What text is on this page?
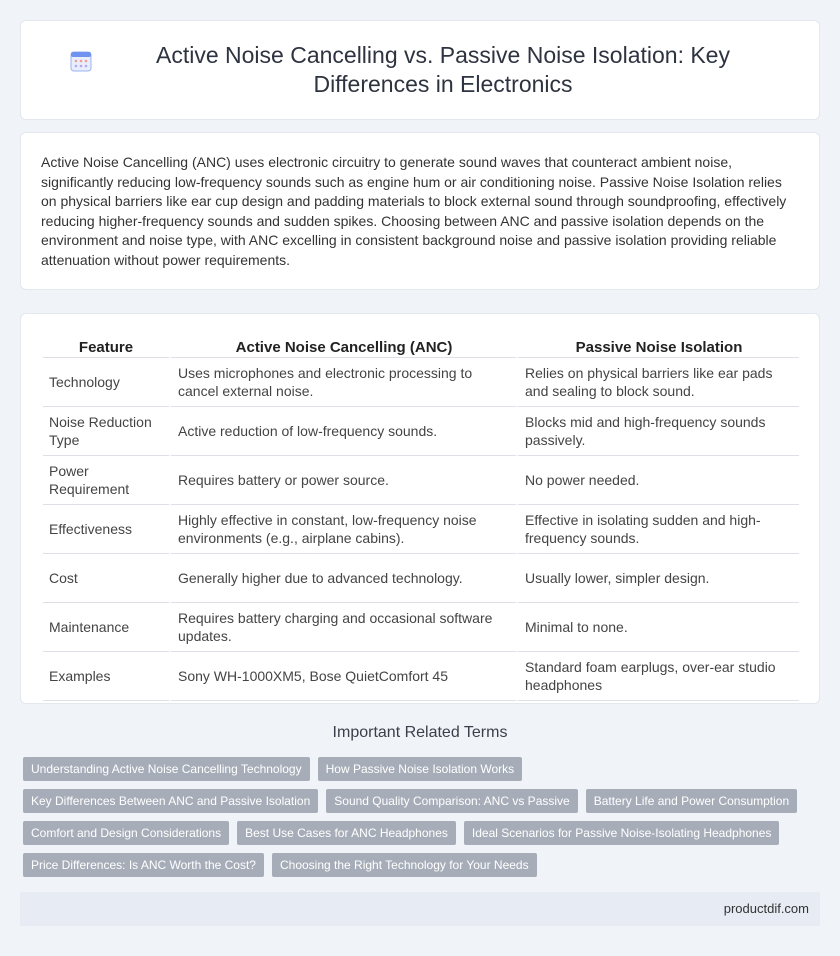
Active Noise Cancelling vs. Passive Noise Isolation: Key Differences in Electronics

Active Noise Cancelling (ANC) uses electronic circuitry to generate sound waves that counteract ambient noise, significantly reducing low-frequency sounds such as engine hum or air conditioning noise. Passive Noise Isolation relies on physical barriers like ear cup design and padding materials to block external sound through soundproofing, effectively reducing higher-frequency sounds and sudden spikes. Choosing between ANC and passive isolation depends on the environment and noise type, with ANC excelling in consistent background noise and passive isolation providing reliable attenuation without power requirements.

Feature	Active Noise Cancelling (ANC)	Passive Noise Isolation
Technology	Uses microphones and electronic processing to cancel external noise.	Relies on physical barriers like ear pads and sealing to block sound.
Noise Reduction Type	Active reduction of low-frequency sounds.	Blocks mid and high-frequency sounds passively.
Power Requirement	Requires battery or power source.	No power needed.
Effectiveness	Highly effective in constant, low-frequency noise environments (e.g., airplane cabins).	Effective in isolating sudden and high-frequency sounds.
Cost	Generally higher due to advanced technology.	Usually lower, simpler design.
Maintenance	Requires battery charging and occasional software updates.	Minimal to none.
Examples	Sony WH-1000XM5, Bose QuietComfort 45	Standard foam earplugs, over-ear studio headphones
Important Related Terms
Understanding Active Noise Cancelling Technology	How Passive Noise Isolation Works
Key Differences Between ANC and Passive Isolation	Sound Quality Comparison: ANC vs Passive	Battery Life and Power Consumption
Comfort and Design Considerations	Best Use Cases for ANC Headphones	Ideal Scenarios for Passive Noise-Isolating Headphones
Price Differences: Is ANC Worth the Cost?	Choosing the Right Technology for Your Needs
productdif.com
